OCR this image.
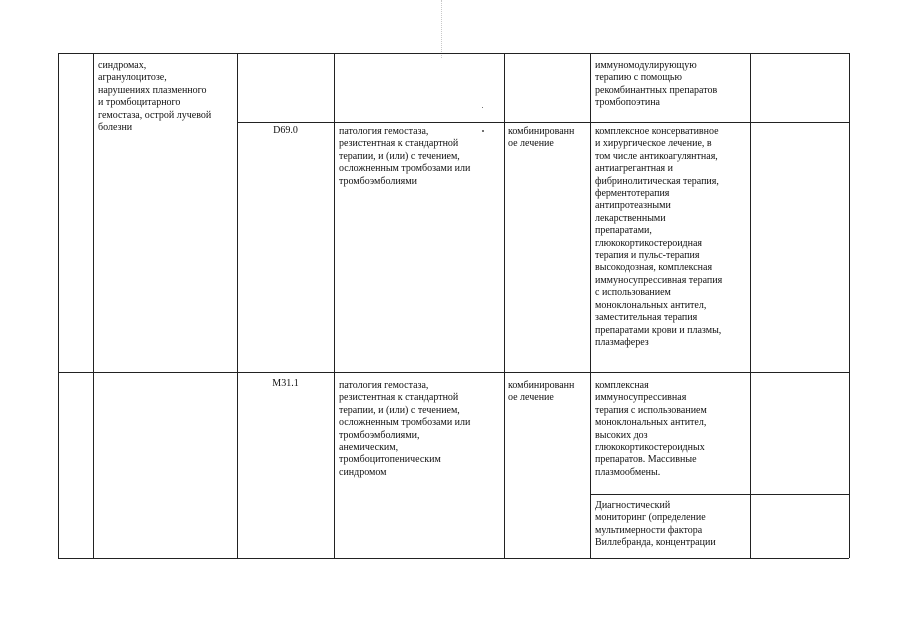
синдромах,
агранулоцитозе,
нарушениях плазменного
и тромбоцитарного
гемостаза, острой лучевой
болезни
иммуномодулирующую
терапию с помощью
рекомбинантных препаратов
тромбопоэтина
D69.0	патология гемостаза,
резистентная к стандартной
терапии, и (или) с течением,
осложненным тромбозами или
тромбоэмболиями
комбинированн
ое лечение
комплексное консервативное
и хирургическое лечение, в
том числе антикоагулянтная,
антиагрегантная и
фибринолитическая терапия,
ферментотерапия
антипротеазными
лекарственными
препаратами,
глюкокортикостероидная
терапия и пульс-терапия
высокодозная, комплексная
иммуносупрессивная терапия
с использованием
моноклональных антител,
заместительная терапия
препаратами крови и плазмы,
плазмаферез
M31.1	патология гемостаза,
резистентная к стандартной
терапии, и (или) с течением,
осложненным тромбозами или
тромбоэмболиями,
анемическим,
тромбоцитопеническим
синдромом
комбинированн
ое лечение
комплексная
иммуносупрессивная
терапия с использованием
моноклональных антител,
высоких доз
глюкокортикостероидных
препаратов. Массивные
плазмообмены.
Диагностический
мониторинг (определение
мультимерности фактора
Виллебранда, концентрации
